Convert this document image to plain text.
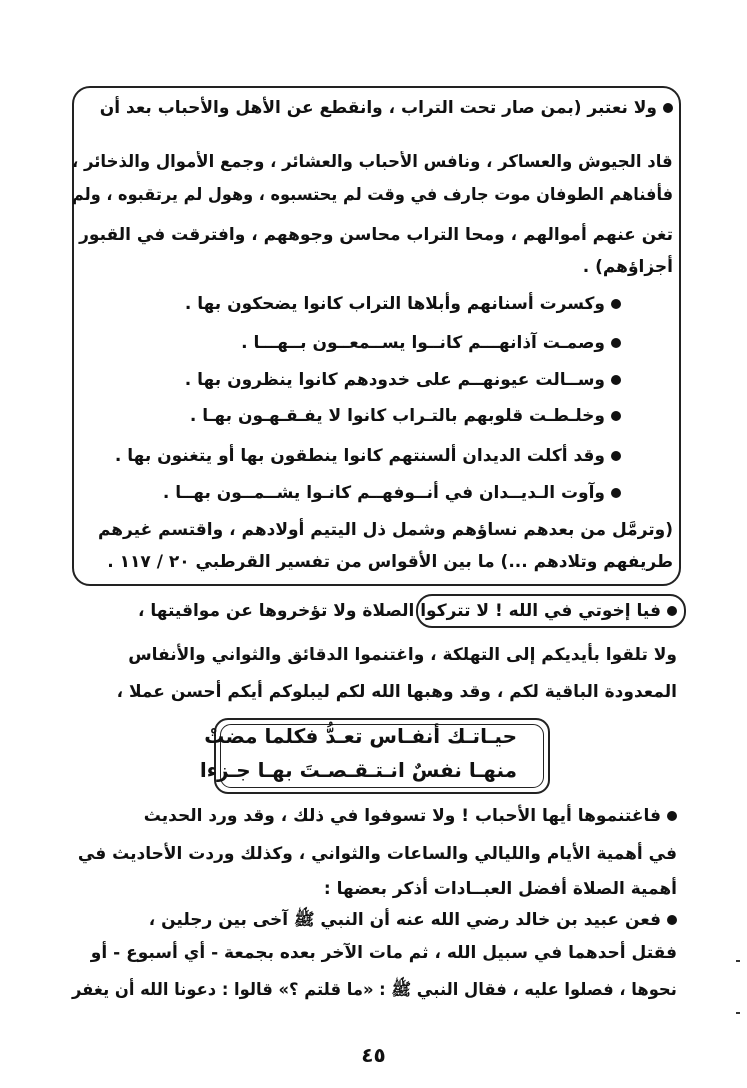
ولا نعتبر (بمن صار تحت التراب ، وانقطع عن الأهل والأحباب بعد أن
قاد الجيوش والعساكر ، ونافس الأحباب والعشائر ، وجمع الأموال والذخائر ،
فأفناهم الطوفان موت جارف في وقت لم يحتسبوه ، وهول لم يرتقبوه ، ولم
تغن عنهم أموالهم ، ومحا التراب محاسن وجوههم ، وافترقت في القبور
أجزاؤهم) .
وكسرت أسنانهم وأبلاها التراب كانوا يضحكون بها .
وصمـت آذانهـــم كانــوا يســمعــون بــهـــا .
وســالت عيونهــم على خدودهم كانوا ينظرون بها .
وخلـطـت قلوبهم بالتـراب كانوا لا يفـقـهـون بهـا .
وقد أكلت الديدان ألسنتهم كانوا ينطقون بها أو يتغنون بها .
وآوت الـديــدان في أنــوفهــم كانـوا يشــمــون بهــا .
(وترمَّل من بعدهم نساؤهم وشمل ذل اليتيم أولادهم ، واقتسم غيرهم
طريفهم وتلادهم ...) ما بين الأقواس من تفسير القرطبي ٢٠ / ١١٧ .
فيا إخوتي في الله ! لا تتركوا الصلاة ولا تؤخروها عن مواقيتها ،
ولا تلقوا بأيديكم إلى التهلكة ، واغتنموا الدقائق والثواني والأنفاس
المعدودة الباقية لكم ، وقد وهبها الله لكم ليبلوكم أيكم أحسن عملا ،
حيـاتـك أنفـاس تعـدُّ فكلما مضتْ
منهـا نفسٌ انـتـقـصـتَ بهـا جـزءا
فاغتنموها أيها الأحباب ! ولا تسوفوا في ذلك ، وقد ورد الحديث
في أهمية الأيام والليالي والساعات والثواني ، وكذلك وردت الأحاديث في
أهمية الصلاة أفضل العبــادات أذكر بعضها :
فعن عبيد بن خالد رضي الله عنه أن النبي ﷺ آخى بين رجلين ،
فقتل أحدهما في سبيل الله ، ثم مات الآخر بعده بجمعة - أي أسبوع - أو
نحوها ، فصلوا عليه ، فقال النبي ﷺ : «ما قلتم ؟» قالوا : دعونا الله أن يغفر
٤٥
